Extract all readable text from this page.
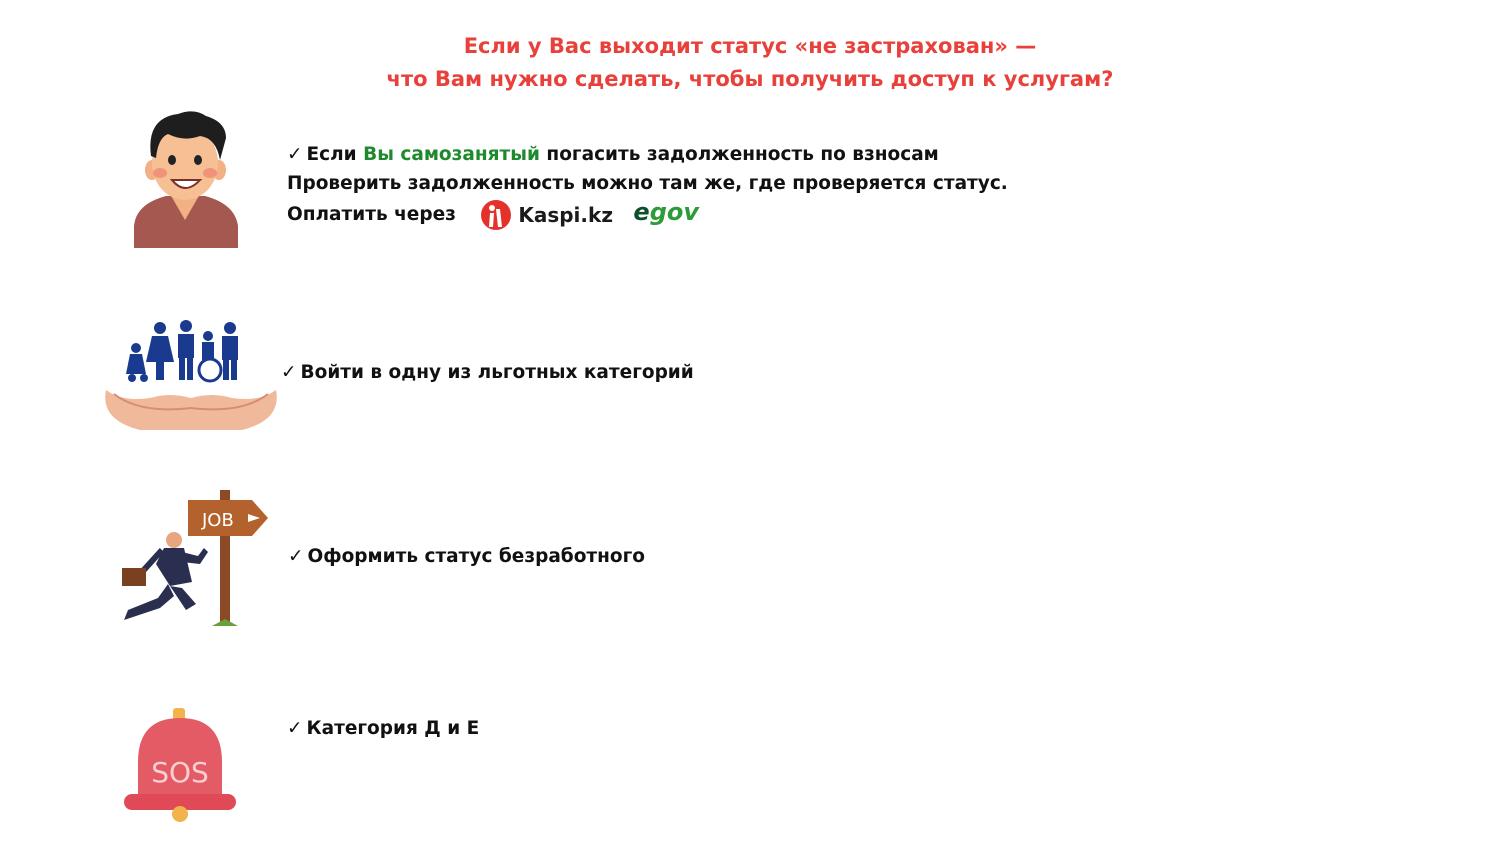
Если у Вас выходит статус «не застрахован» —
что Вам нужно сделать, чтобы получить доступ к услугам?
✓ Если Вы самозанятый погасить задолженность по взносам
Проверить задолженность можно там же, где проверяется статус.
Оплатить через	Kaspi.kz egov
✓ Войти в одну из льготных категорий
JOB
✓ Оформить статус безработного
SOS
✓ Категория Д и Е
